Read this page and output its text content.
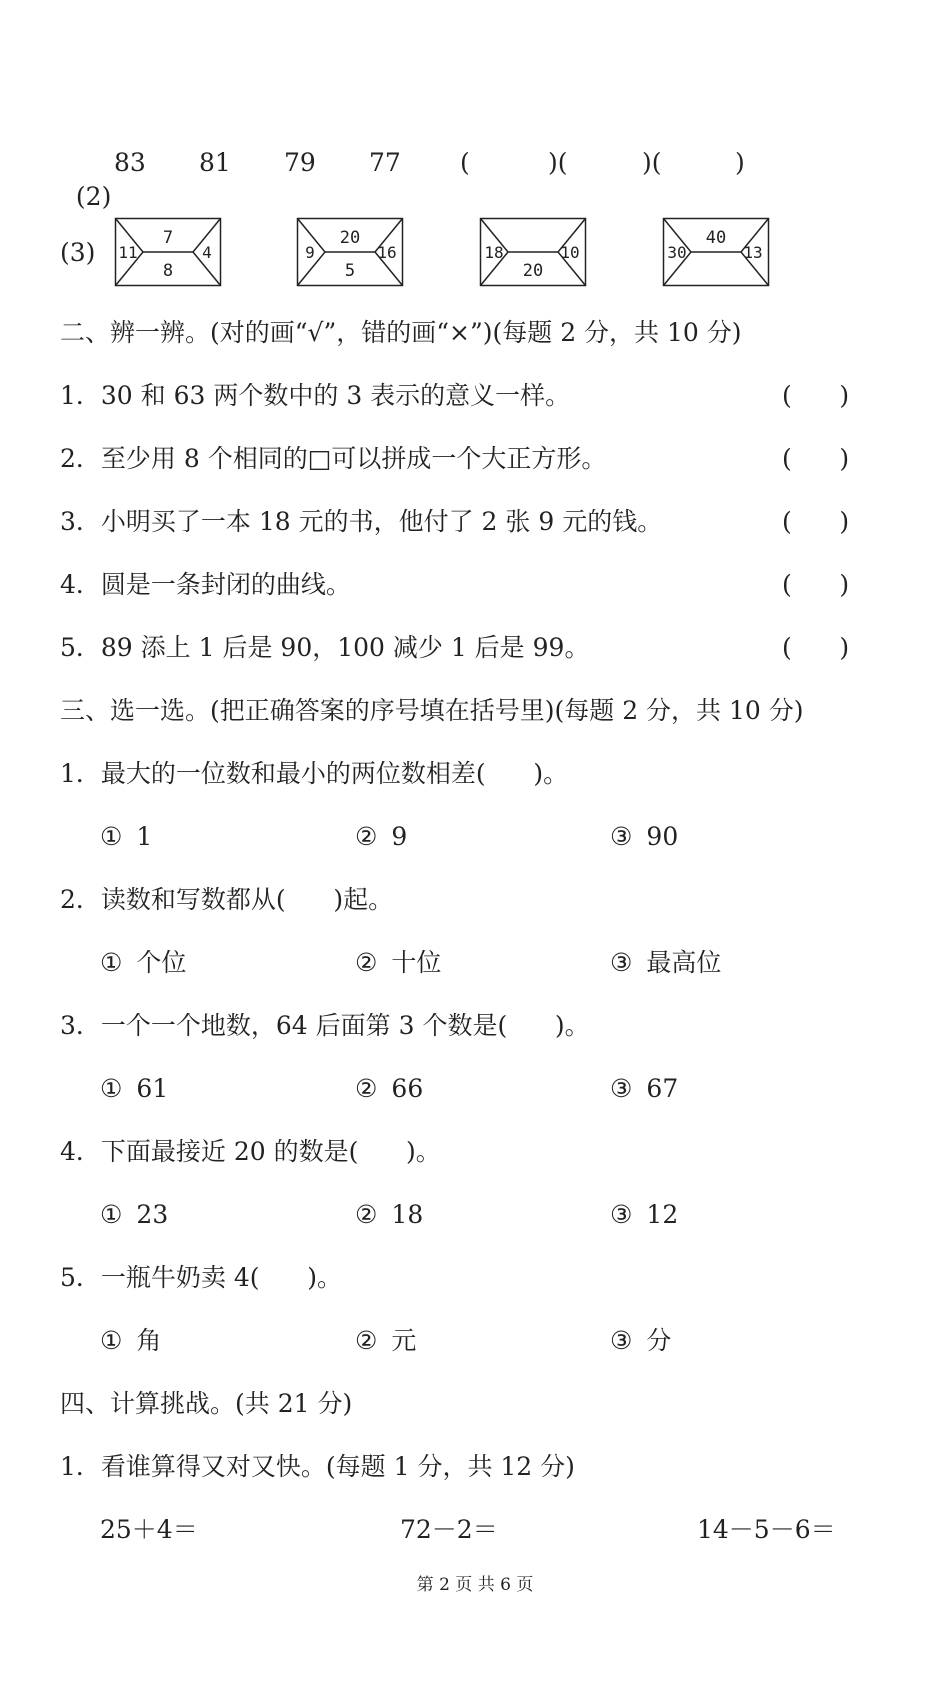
(2)

83 81 79 77 (	)(	)(	)
(3)	7
8
11	4
20
5
9	16
20
18	10
40
30	13
二、辨一辨。(对的画“√”，错的画“×”)(每题 2 分，共 10 分)
1．30 和 63 两个数中的 3 表示的意义一样。	(      )
2．至少用 8 个相同的□可以拼成一个大正方形。	(      )
3．小明买了一本 18 元的书，他付了 2 张 9 元的钱。	(      )
4．圆是一条封闭的曲线。	(      )
5．89 添上 1 后是 90，100 减少 1 后是 99。	(      )
三、选一选。(把正确答案的序号填在括号里)(每题 2 分，共 10 分)
1．最大的一位数和最小的两位数相差(      )。
① 1	② 9	③ 90
2．读数和写数都从(      )起。
① 个位	② 十位	③ 最高位
3．一个一个地数，64 后面第 3 个数是(      )。
① 61	② 66	③ 67
4．下面最接近 20 的数是(      )。
① 23	② 18	③ 12
5．一瓶牛奶卖 4(      )。
① 角	② 元	③ 分
四、计算挑战。(共 21 分)
1．看谁算得又对又快。(每题 1 分，共 12 分)
25＋4＝	72－2＝	14－5－6＝
第 2 页 共 6 页
